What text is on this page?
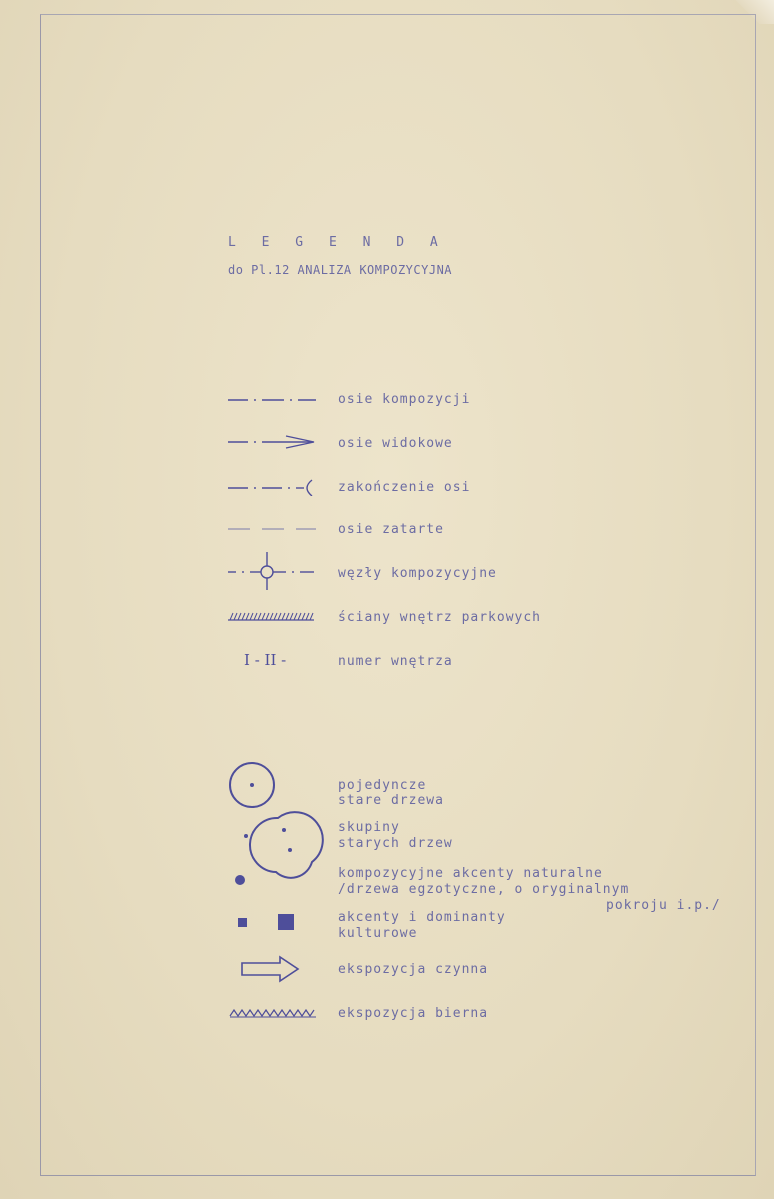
L E G E N D A
do Pl.12 ANALIZA KOMPOZYCYJNA
osie kompozycji
osie widokowe
zakończenie osi
osie zatarte
węzły kompozycyjne
ściany wnętrz parkowych
I - II -	numer wnętrza
pojedyncze
stare drzewa
skupiny
starych drzew
kompozycyjne akcenty naturalne
/drzewa egzotyczne, o oryginalnym
pokroju i.p./
akcenty i dominanty
kulturowe
ekspozycja czynna
ekspozycja bierna
